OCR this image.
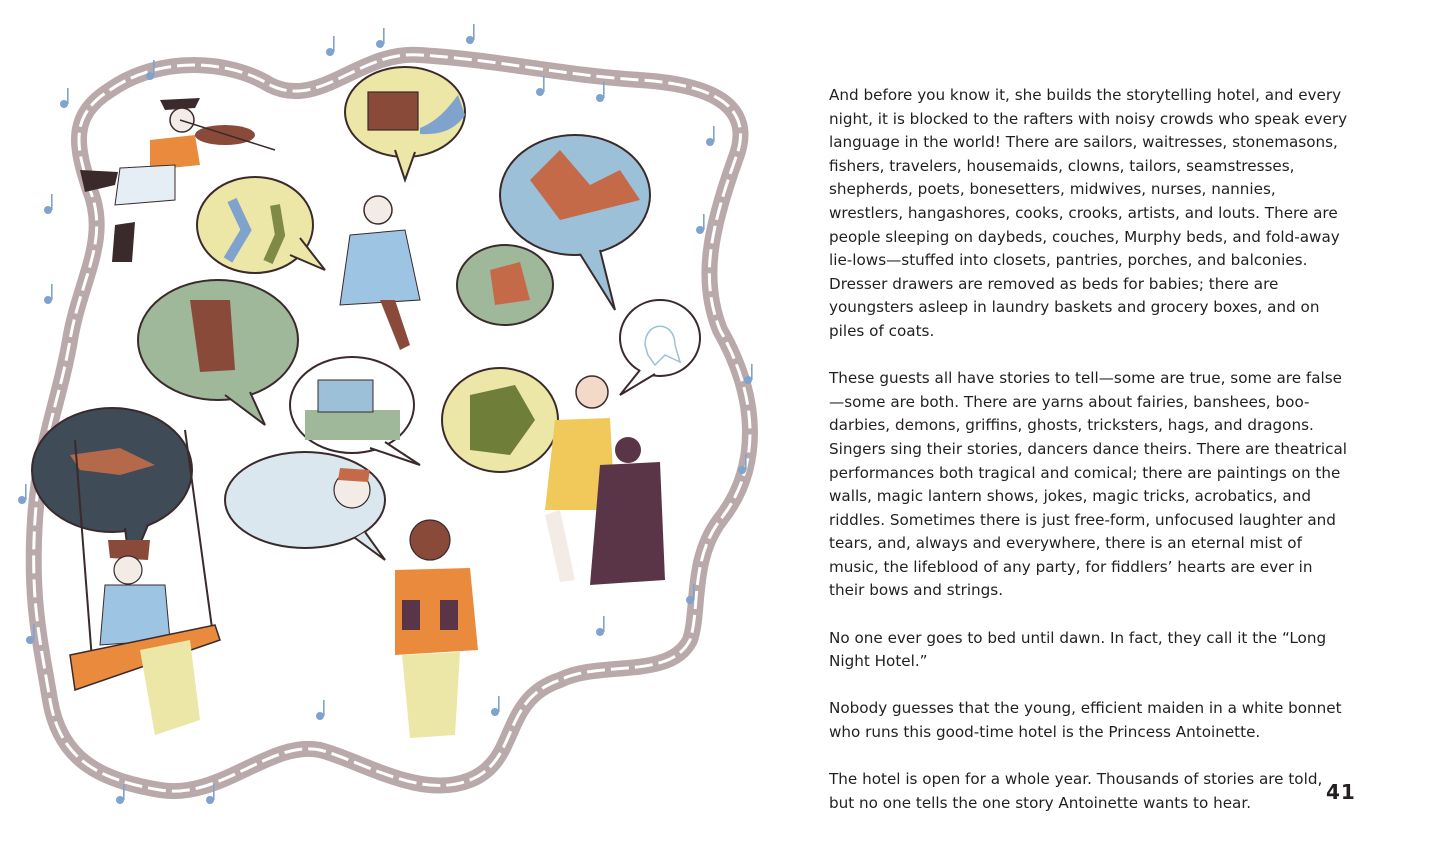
And before you know it, she builds the storytelling hotel, and every night, it is blocked to the rafters with noisy crowds who speak every language in the world! There are sailors, waitresses, stonemasons, fishers, travelers, housemaids, clowns, tailors, seamstresses, shepherds, poets, bonesetters, midwives, nurses, nannies, wrestlers, hangashores, cooks, crooks, artists, and louts. There are people sleeping on daybeds, couches, Murphy beds, and fold-away lie-lows—stuffed into closets, pantries, porches, and balconies. Dresser drawers are removed as beds for babies; there are youngsters asleep in laundry baskets and grocery boxes, and on piles of coats.

These guests all have stories to tell—some are true, some are false—some are both. There are yarns about fairies, banshees, boo-darbies, demons, griffins, ghosts, tricksters, hags, and dragons. Singers sing their stories, dancers dance theirs. There are theatrical performances both tragical and comical; there are paintings on the walls, magic lantern shows, jokes, magic tricks, acrobatics, and riddles. Sometimes there is just free-form, unfocused laughter and tears, and, always and everywhere, there is an eternal mist of music, the lifeblood of any party, for fiddlers’ hearts are ever in their bows and strings.

No one ever goes to bed until dawn. In fact, they call it the “Long Night Hotel.”

Nobody guesses that the young, efficient maiden in a white bonnet who runs this good-time hotel is the Princess Antoinette.

The hotel is open for a whole year. Thousands of stories are told, but no one tells the one story Antoinette wants to hear.	41
